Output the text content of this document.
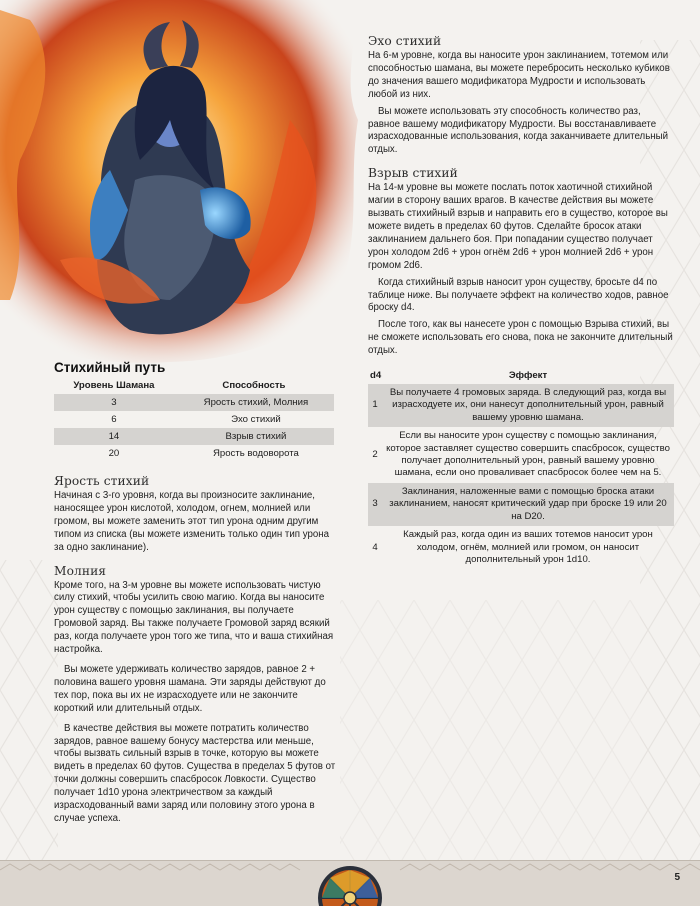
Стихийный путь
Уровень Шамана	Способность
3	Ярость стихий, Молния
6	Эхо стихий
14	Взрыв стихий
20	Ярость водоворота
Ярость стихий

Начиная с 3-го уровня, когда вы произносите заклинание, наносящее урон кислотой, холодом, огнем, молнией или громом, вы можете заменить этот тип урона одним другим типом из списка (вы можете изменить только один тип урона за одно заклинание).

Молния

Кроме того, на 3-м уровне вы можете использовать чистую силу стихий, чтобы усилить свою магию. Когда вы наносите урон существу с помощью заклинания, вы получаете Громовой заряд. Вы также получаете Громовой заряд всякий раз, когда получаете урон того же типа, что и ваша стихийная настройка.

Вы можете удерживать количество зарядов, равное 2 + половина вашего уровня шамана. Эти заряды действуют до тех пор, пока вы их не израсходуете или не закончите короткий или длительный отдых.

В качестве действия вы можете потратить количество зарядов, равное вашему бонусу мастерства или меньше, чтобы вызвать сильный взрыв в точке, которую вы можете видеть в пределах 60 футов. Существа в пределах 5 футов от точки должны совершить спасбросок Ловкости. Существо получает 1d10 урона электричеством за каждый израсходованный вами заряд или половину этого урона в случае успеха.

Эхо стихий

На 6-м уровне, когда вы наносите урон заклинанием, тотемом или способностью шамана, вы можете перебросить несколько кубиков до значения вашего модификатора Мудрости и использовать любой из них.

Вы можете использовать эту способность количество раз, равное вашему модификатору Мудрости. Вы восстанавливаете израсходованные использования, когда заканчиваете длительный отдых.

Взрыв стихий

На 14-м уровне вы можете послать поток хаотичной стихийной магии в сторону ваших врагов. В качестве действия вы можете вызвать стихийный взрыв и направить его в существо, которое вы можете видеть в пределах 60 футов. Сделайте бросок атаки заклинанием дальнего боя. При попадании существо получает урон холодом 2d6 + урон огнём 2d6 + урон молнией 2d6 + урон громом 2d6.

Когда стихийный взрыв наносит урон существу, бросьте d4 по таблице ниже. Вы получаете эффект на количество ходов, равное броску d4.

После того, как вы нанесете урон с помощью Взрыва стихий, вы не сможете использовать его снова, пока не закончите длительный отдых.

d4	Эффект
1	Вы получаете 4 громовых заряда. В следующий раз, когда вы израсходуете их, они нанесут дополнительный урон, равный вашему уровню шамана.
2	Если вы наносите урон существу с помощью заклинания, которое заставляет существо совершить спасбросок, существо получает дополнительный урон, равный вашему уровню шамана, если оно проваливает спасбросок более чем на 5.
3	Заклинания, наложенные вами с помощью броска атаки заклинанием, наносят критический удар при броске 19 или 20 на D20.
4	Каждый раз, когда один из ваших тотемов наносит урон холодом, огнём, молнией или громом, он наносит дополнительный урон 1d10.
5
